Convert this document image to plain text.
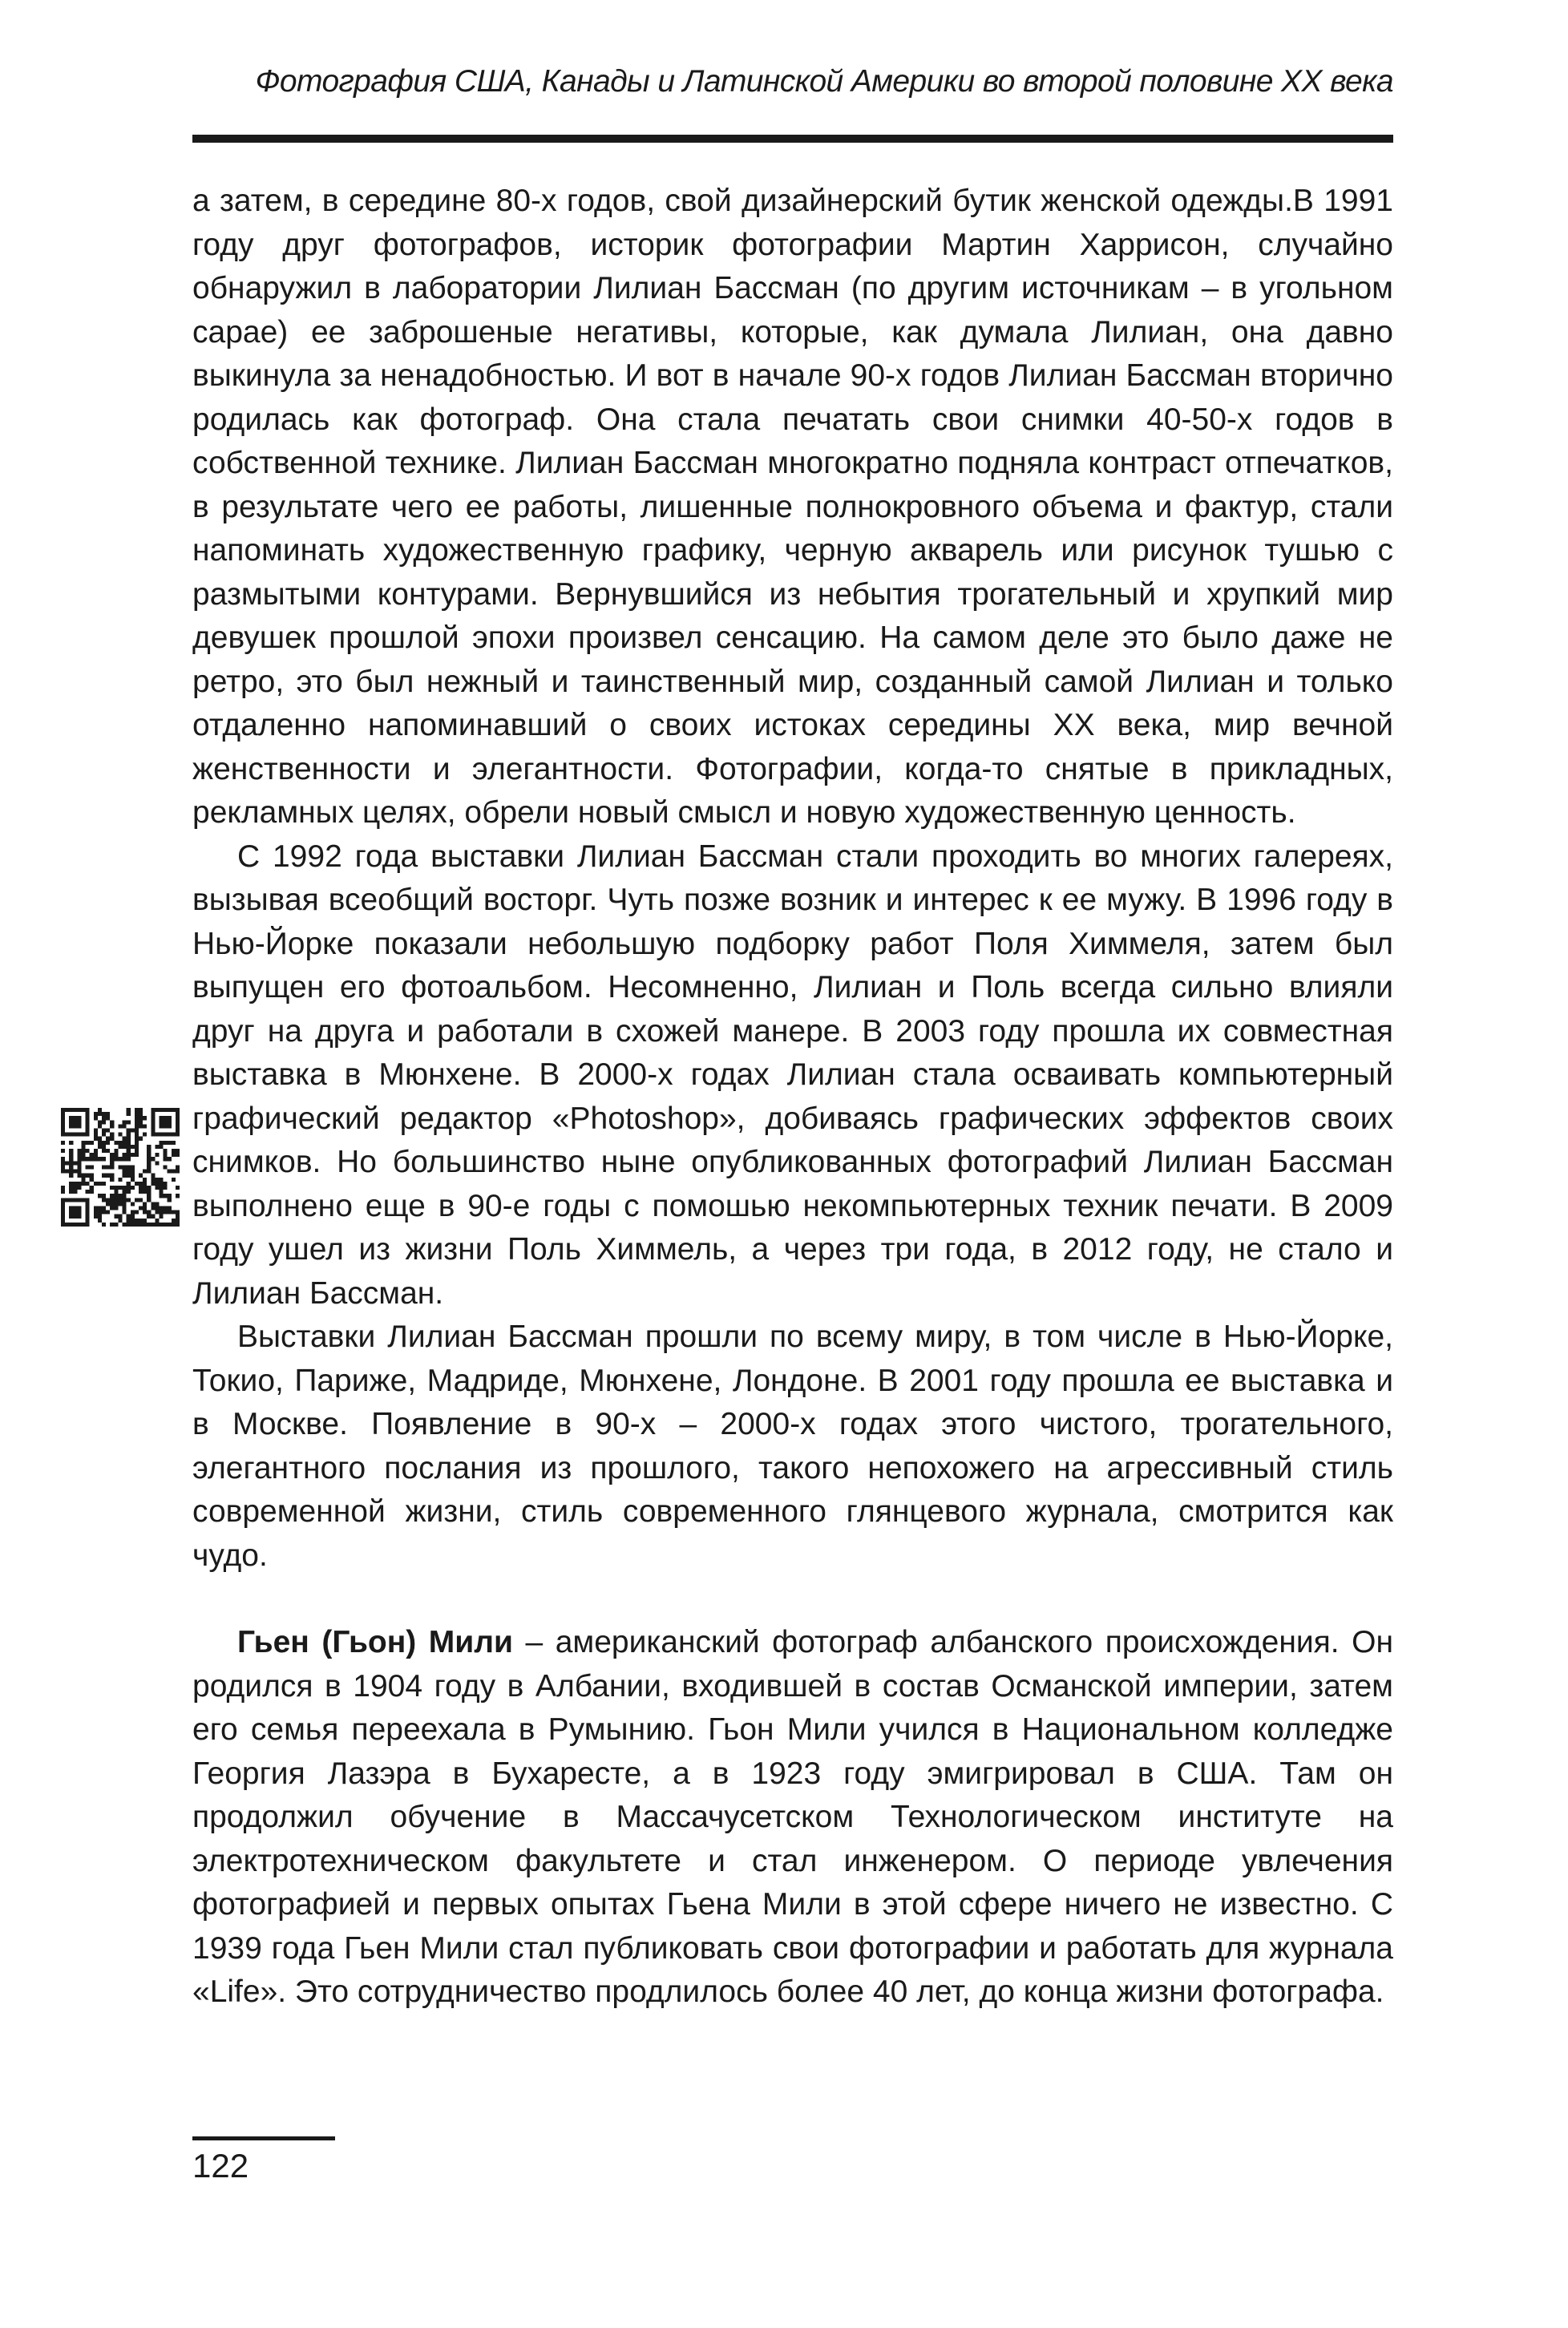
Фотография США, Канады и Латинской Америки во второй половине XX века

а затем, в середине 80-х годов, свой дизайнерский бутик женской одежды.В 1991 году друг фотографов, историк фотографии Мартин Харрисон, случайно обнаружил в лаборатории Лилиан Бассман (по другим источникам – в угольном сарае) ее заброшеные негативы, которые, как думала Лилиан, она давно выкинула за ненадобностью. И вот в начале 90-х годов Лилиан Бассман вторично родилась как фотограф. Она стала печатать свои снимки 40-50-х годов в собственной технике. Лилиан Бассман многократно подняла контраст отпечатков, в результате чего ее работы, лишенные полнокровного объема и фактур, стали напоминать художественную графику, черную акварель или рисунок тушью с размытыми контурами. Вернувшийся из небытия трогательный и хрупкий мир девушек прошлой эпохи произвел сенсацию. На самом деле это было даже не ретро, это был нежный и таинственный мир, созданный самой Лилиан и только отдаленно напоминавший о своих истоках середины XX века, мир вечной женственности и элегантности. Фотографии, когда-то снятые в прикладных, рекламных целях, обрели новый смысл и новую художественную ценность.

С 1992 года выставки Лилиан Бассман стали проходить во многих галереях, вызывая всеобщий восторг. Чуть позже возник и интерес к ее мужу. В 1996 году в Нью-Йорке показали небольшую подборку работ Поля Химмеля, затем был выпущен его фотоальбом. Несомненно, Лилиан и Поль всегда сильно влияли друг на друга и работали в схожей манере. В 2003 году прошла их совместная выставка в Мюнхене. В 2000-х годах Лилиан стала осваивать компьютерный графический редактор «Photoshop», добиваясь графических эффектов своих снимков. Но большинство ныне опубликованных фотографий Лилиан Бассман выполнено еще в 90-е годы с помошью некомпьютерных техник печати. В 2009 году ушел из жизни Поль Химмель, а через три года, в 2012 году, не стало и Лилиан Бассман.

Выставки Лилиан Бассман прошли по всему миру, в том числе в Нью-Йорке, Токио, Париже, Мадриде, Мюнхене, Лондоне. В 2001 году прошла ее выставка и в Москве. Появление в 90-х – 2000-х годах этого чистого, трогательного, элегантного послания из прошлого, такого непохожего на агрессивный стиль современной жизни, стиль современного глянцевого журнала, смотрится как чудо.

Гьен (Гьон) Мили – американский фотограф албанского происхождения. Он родился в 1904 году в Албании, входившей в состав Османской империи, затем его семья переехала в Румынию. Гьон Мили учился в Национальном колледже Георгия Лазэра в Бухаресте, а в 1923 году эмигрировал в США. Там он продолжил обучение в Массачусетском Технологическом институте на электротехническом факультете и стал инженером. О периоде увлечения фотографией и первых опытах Гьена Мили в этой сфере ничего не известно. С 1939 года Гьен Мили стал публиковать свои фотографии и работать для журнала «Life». Это сотрудничество продлилось более 40 лет, до конца жизни фотографа.

122
